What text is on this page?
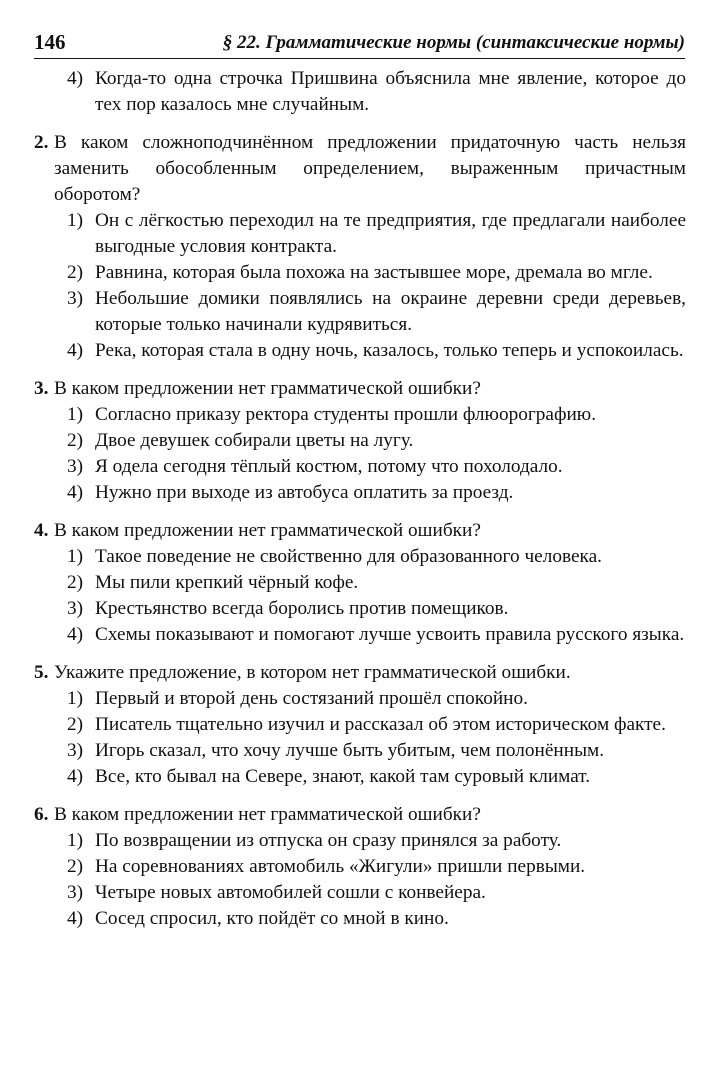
146	§ 22. Грамматические нормы (синтаксические нормы)
4) Когда-то одна строчка Пришвина объяснила мне явление, которое до тех пор казалось мне случайным.
2. В каком сложноподчинённом предложении придаточную часть нельзя заменить обособленным определением, выраженным причастным оборотом?
1) Он с лёгкостью переходил на те предприятия, где предлагали наиболее выгодные условия контракта.
2) Равнина, которая была похожа на застывшее море, дремала во мгле.
3) Небольшие домики появлялись на окраине деревни среди деревьев, которые только начинали кудрявиться.
4) Река, которая стала в одну ночь, казалось, только теперь и успокоилась.
3. В каком предложении нет грамматической ошибки?
1) Согласно приказу ректора студенты прошли флюорографию.
2) Двое девушек собирали цветы на лугу.
3) Я одела сегодня тёплый костюм, потому что похолодало.
4) Нужно при выходе из автобуса оплатить за проезд.
4. В каком предложении нет грамматической ошибки?
1) Такое поведение не свойственно для образованного человека.
2) Мы пили крепкий чёрный кофе.
3) Крестьянство всегда боролись против помещиков.
4) Схемы показывают и помогают лучше усвоить правила русского языка.
5. Укажите предложение, в котором нет грамматической ошибки.
1) Первый и второй день состязаний прошёл спокойно.
2) Писатель тщательно изучил и рассказал об этом историческом факте.
3) Игорь сказал, что хочу лучше быть убитым, чем полонённым.
4) Все, кто бывал на Севере, знают, какой там суровый климат.
6. В каком предложении нет грамматической ошибки?
1) По возвращении из отпуска он сразу принялся за работу.
2) На соревнованиях автомобиль «Жигули» пришли первыми.
3) Четыре новых автомобилей сошли с конвейера.
4) Сосед спросил, кто пойдёт со мной в кино.
